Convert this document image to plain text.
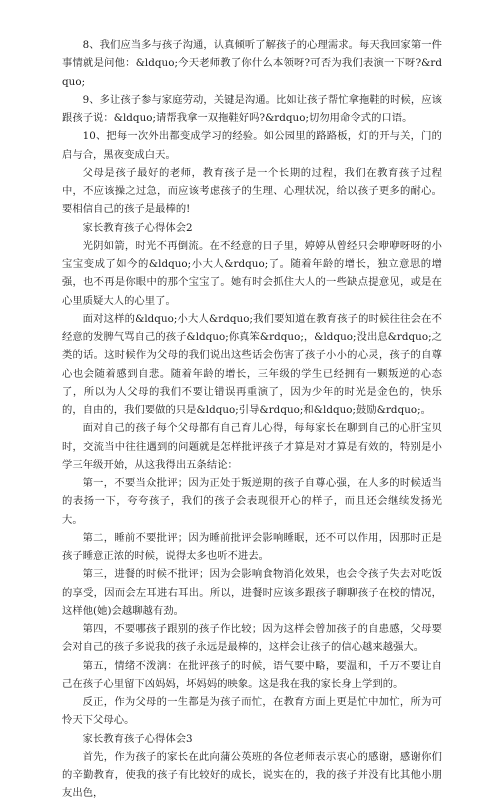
8、我们应当多与孩子沟通，认真倾听了解孩子的心理需求。每天我回家第一件事情就是问他：&ldquo;今天老师教了你什么本领呀?可否为我们表演一下呀?&rdquo;

9、多让孩子参与家庭劳动，关键是沟通。比如让孩子帮忙拿拖鞋的时候，应该跟孩子说：&ldquo;请帮我拿一双拖鞋好吗?&rdquo;切勿用命令式的口语。

10、把每一次外出都变成学习的经验。如公园里的路路板，灯的开与关，门的启与合，黑夜变成白天。

父母是孩子最好的老师，教育孩子是一个长期的过程，我们在教育孩子过程中，不应该操之过急，而应该考虑孩子的生理、心理状况，给以孩子更多的耐心。要相信自己的孩子是最棒的!

家长教育孩子心得体会2

光阴如箭，时光不再倒流。在不经意的日子里，婷婷从曾经只会咿咿呀呀的小宝宝变成了如今的&ldquo;小大人&rdquo;了。随着年龄的增长，独立意思的增强，也不再是你眼中的那个宝宝了。她有时会抓住大人的一些缺点提意见，或是在心里质疑大人的心里了。

面对这样的&ldquo;小大人&rdquo;我们要知道在教育孩子的时候往往会在不经意的发脾气骂自己的孩子&ldquo;你真笨&rdquo;，&ldquo;没出息&rdquo;之类的话。这时候作为父母的我们说出这些话会伤害了孩子小小的心灵，孩子的自尊心也会随着感到自悲。随着年龄的增长，三年级的学生已经拥有一颗叛逆的心态了，所以为人父母的我们不要让错误再重演了，因为少年的时光是金色的，快乐的，自由的，我们要做的只是&ldquo;引导&rdquo;和&ldquo;鼓励&rdquo;。

面对自己的孩子每个父母都有自己育儿心得，每每家长在聊到自己的心肝宝贝时，交流当中往往遇到的问题就是怎样批评孩子才算是对才算是有效的，特别是小学三年级开始，从这我得出五条结论：

第一，不要当众批评；因为正处于叛逆期的孩子自尊心强，在人多的时候适当的表扬一下，夸夸孩子，我们的孩子会表现很开心的样子，而且还会继续发扬光大。

第二，睡前不要批评；因为睡前批评会影响睡眠，还不可以作用，因那时正是孩子睡意正浓的时候，说得太多也听不进去。

第三，进餐的时候不批评；因为会影响食物消化效果，也会令孩子失去对吃饭的享受，因而会左耳进右耳出。所以，进餐时应该多跟孩子聊聊孩子在校的情况，这样他(她)会越聊越有劲。

第四，不要哪孩子跟别的孩子作比较；因为这样会曾加孩子的自患感，父母要会对自己的孩子多说我的孩子永远是最棒的，这样会让孩子的信心越来越强大。

第五，情绪不泼漓：在批评孩子的时候，语气要中略，要温和，千万不要让自己在孩子心里留下凶妈妈，坏妈妈的映象。这是我在我的家长身上学到的。

反正，作为父母的一生都是为孩子而忙，在教育方面上更是忙中加忙，所为可怜天下父母心。

家长教育孩子心得体会3

首先，作为孩子的家长在此向蒲公英班的各位老师表示衷心的感谢，感谢你们的辛勤教育，使我的孩子有比较好的成长，说实在的，我的孩子并没有比其他小朋友出色，
